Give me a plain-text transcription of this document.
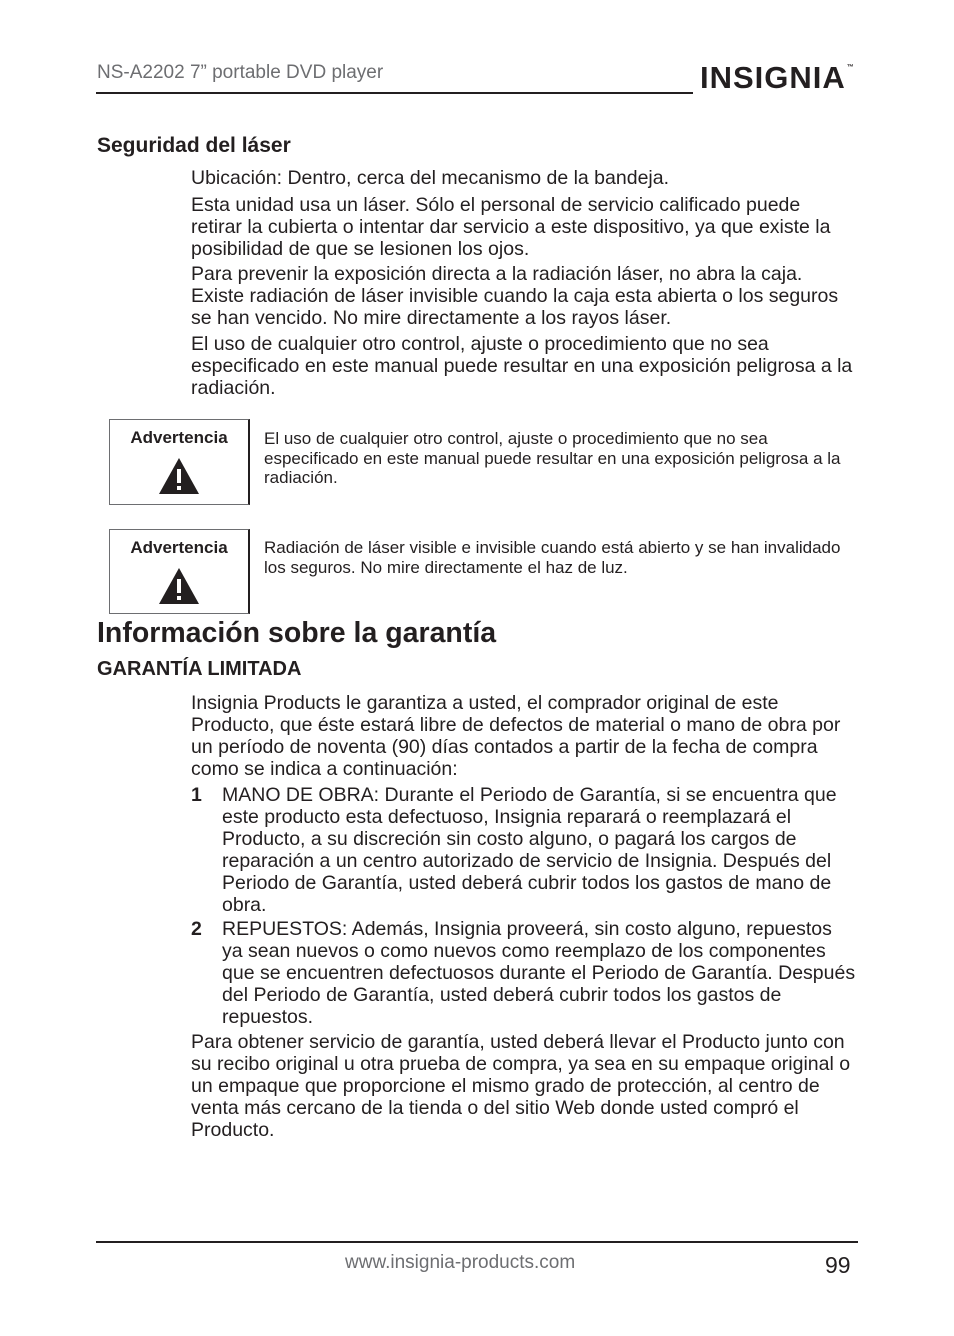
NS-A2202 7” portable DVD player	INSIGNIA™
Seguridad del láser

Ubicación: Dentro, cerca del mecanismo de la bandeja.

Esta unidad usa un láser. Sólo el personal de servicio calificado puede retirar la cubierta o intentar dar servicio a este dispositivo, ya que existe la posibilidad de que se lesionen los ojos.

Para prevenir la exposición directa a la radiación láser, no abra la caja. Existe radiación de láser invisible cuando la caja esta abierta o los seguros se han vencido. No mire directamente a los rayos láser.

El uso de cualquier otro control, ajuste o procedimiento que no sea especificado en este manual puede resultar en una exposición peligrosa a la radiación.

Advertencia	El uso de cualquier otro control, ajuste o procedimiento que no sea especificado en este manual puede resultar en una exposición peligrosa a la radiación.

Advertencia	Radiación de láser visible e invisible cuando está abierto y se han invalidado los seguros. No mire directamente el haz de luz.

Información sobre la garantía
GARANTÍA LIMITADA

Insignia Products le garantiza a usted, el comprador original de este Producto, que éste estará libre de defectos de material o mano de obra por un período de noventa (90) días contados a partir de la fecha de compra como se indica a continuación:

1 MANO DE OBRA: Durante el Periodo de Garantía, si se encuentra que este producto esta defectuoso, Insignia reparará o reemplazará el Producto, a su discreción sin costo alguno, o pagará los cargos de reparación a un centro autorizado de servicio de Insignia. Después del Periodo de Garantía, usted deberá cubrir todos los gastos de mano de obra.

2 REPUESTOS: Además, Insignia proveerá, sin costo alguno, repuestos ya sean nuevos o como nuevos como reemplazo de los componentes que se encuentren defectuosos durante el Periodo de Garantía. Después del Periodo de Garantía, usted deberá cubrir todos los gastos de repuestos.

Para obtener servicio de garantía, usted deberá llevar el Producto junto con su recibo original u otra prueba de compra, ya sea en su empaque original o un empaque que proporcione el mismo grado de protección, al centro de venta más cercano de la tienda o del sitio Web donde usted compró el Producto.

www.insignia-products.com	99
